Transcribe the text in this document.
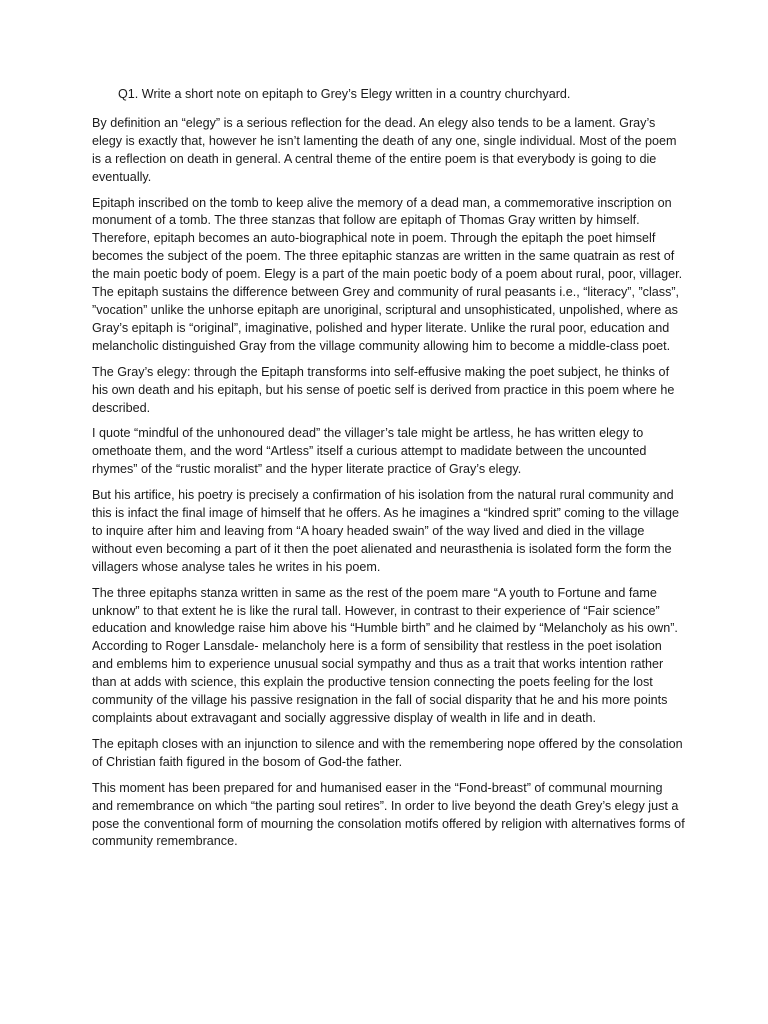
Q1. Write a short note on epitaph to Grey’s Elegy written in a country churchyard.

By definition an “elegy” is a serious reflection for the dead. An elegy also tends to be a lament. Gray’s elegy is exactly that, however he isn’t lamenting the death of any one, single individual. Most of the poem is a reflection on death in general. A central theme of the entire poem is that everybody is going to die eventually.

Epitaph inscribed on the tomb to keep alive the memory of a dead man, a commemorative inscription on monument of a tomb. The three stanzas that follow are epitaph of Thomas Gray written by himself. Therefore, epitaph becomes an auto-biographical note in poem. Through the epitaph the poet himself becomes the subject of the poem. The three epitaphic stanzas are written in the same quatrain as rest of the main poetic body of poem. Elegy is a part of the main poetic body of a poem about rural, poor, villager. The epitaph sustains the difference between Grey and community of rural peasants i.e., “literacy”, ”class”, ”vocation” unlike the unhorse epitaph are unoriginal, scriptural and unsophisticated, unpolished, where as Gray’s epitaph is “original”, imaginative, polished and hyper literate. Unlike the rural poor, education and melancholic distinguished Gray from the village community allowing him to become a middle-class poet.

The Gray’s elegy: through the Epitaph transforms into self-effusive making the poet subject, he thinks of his own death and his epitaph, but his sense of poetic self is derived from practice in this poem where he described.

I quote “mindful of the unhonoured dead” the villager’s tale might be artless, he has written elegy to omethoate them, and the word “Artless” itself a curious attempt to madidate between the uncounted rhymes” of the “rustic moralist” and the hyper literate practice of Gray’s elegy.

But his artifice, his poetry is precisely a confirmation of his isolation from the natural rural community and this is infact the final image of himself that he offers. As he imagines a “kindred sprit” coming to the village to inquire after him and leaving from “A hoary headed swain” of the way lived and died in the village without even becoming a part of it then the poet alienated and neurasthenia is isolated form the form the villagers whose analyse tales he writes in his poem.

The three epitaphs stanza written in same as the rest of the poem mare “A youth to Fortune and fame unknow” to that extent he is like the rural tall. However, in contrast to their experience of “Fair science” education and knowledge raise him above his “Humble birth” and he claimed by “Melancholy as his own”. According to Roger Lansdale- melancholy here is a form of sensibility that restless in the poet isolation and emblems him to experience unusual social sympathy and thus as a trait that works intention rather than at adds with science, this explain the productive tension connecting the poets feeling for the lost community of the village his passive resignation in the fall of social disparity that he and his more points complaints about extravagant and socially aggressive display of wealth in life and in death.

The epitaph closes with an injunction to silence and with the remembering nope offered by the consolation of Christian faith figured in the bosom of God-the father.

This moment has been prepared for and humanised easer in the “Fond-breast” of communal mourning and remembrance on which “the parting soul retires”. In order to live beyond the death Grey’s elegy just a pose the conventional form of mourning the consolation motifs offered by religion with alternatives forms of community remembrance.
